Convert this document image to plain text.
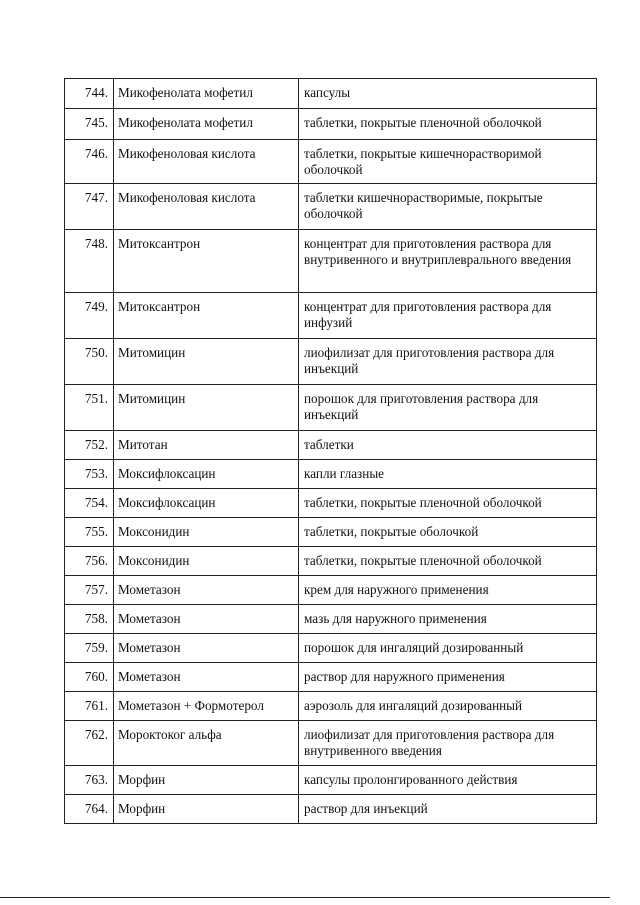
744.	Микофенолата мофетил	капсулы
745.	Микофенолата мофетил	таблетки, покрытые пленочной оболочкой
746.	Микофеноловая кислота	таблетки, покрытые кишечнорастворимой оболочкой
747.	Микофеноловая кислота	таблетки кишечнорастворимые, покрытые оболочкой
748.	Митоксантрон	концентрат для приготовления раствора для внутривенного и внутриплеврального введения
749.	Митоксантрон	концентрат для приготовления раствора для инфузий
750.	Митомицин	лиофилизат для приготовления раствора для инъекций
751.	Митомицин	порошок для приготовления раствора для инъекций
752.	Митотан	таблетки
753.	Моксифлоксацин	капли глазные
754.	Моксифлоксацин	таблетки, покрытые пленочной оболочкой
755.	Моксонидин	таблетки, покрытые оболочкой
756.	Моксонидин	таблетки, покрытые пленочной оболочкой
757.	Мометазон	крем для наружного применения
758.	Мометазон	мазь для наружного применения
759.	Мометазон	порошок для ингаляций дозированный
760.	Мометазон	раствор для наружного применения
761.	Мометазон + Формотерол	аэрозоль для ингаляций дозированный
762.	Мороктоког альфа	лиофилизат для приготовления раствора для внутривенного введения
763.	Морфин	капсулы пролонгированного действия
764.	Морфин	раствор для инъекций
